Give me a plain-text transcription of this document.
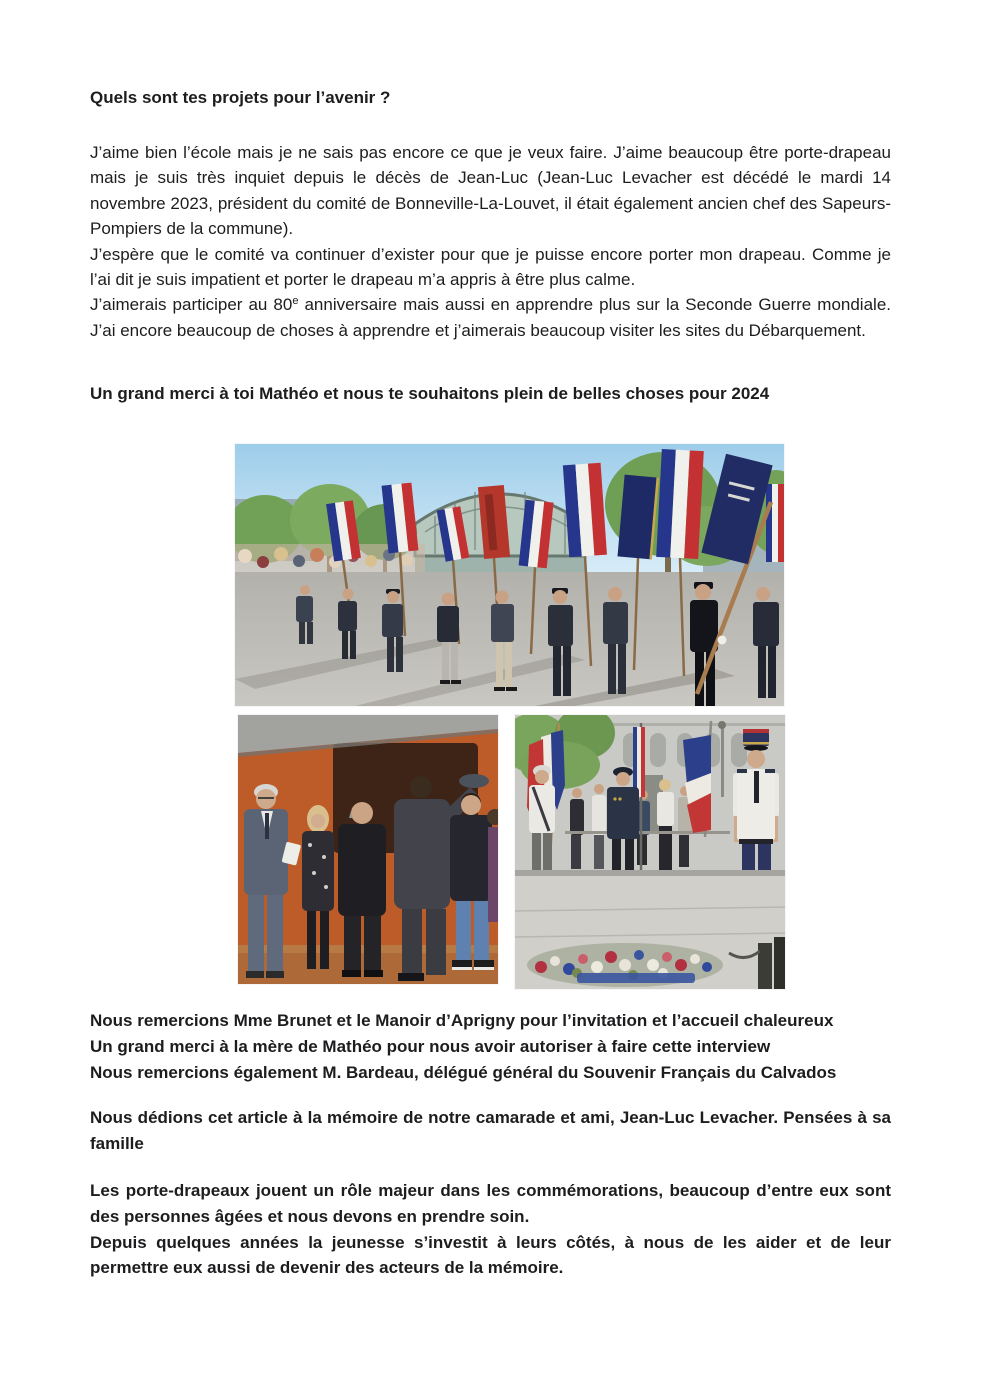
Quels sont tes projets pour l’avenir ?

J’aime bien l’école mais je ne sais pas encore ce que je veux faire. J’aime beaucoup être porte-drapeau mais je suis très inquiet depuis le décès de Jean-Luc (Jean-Luc Levacher est décédé le mardi 14 novembre 2023, président du comité de Bonneville-La-Louvet, il était également ancien chef des Sapeurs-Pompiers de la commune).

J’espère que le comité va continuer d’exister pour que je puisse encore porter mon drapeau. Comme je l’ai dit je suis impatient et porter le drapeau m’a appris à être plus calme.

J’aimerais participer au 80e anniversaire mais aussi en apprendre plus sur la Seconde Guerre mondiale. J’ai encore beaucoup de choses à apprendre et j’aimerais beaucoup visiter les sites du Débarquement.

Un grand merci à toi Mathéo et nous te souhaitons plein de belles choses pour 2024

Nous remercions Mme Brunet et le Manoir d’Aprigny pour l’invitation et l’accueil chaleureux

Un grand merci à la mère de Mathéo pour nous avoir autoriser à faire cette interview

Nous remercions également M. Bardeau, délégué général du Souvenir Français du Calvados

Nous dédions cet article à la mémoire de notre camarade et ami, Jean-Luc Levacher. Pensées à sa famille

Les porte-drapeaux jouent un rôle majeur dans les commémorations, beaucoup d’entre eux sont des personnes âgées et nous devons en prendre soin.

Depuis quelques années la jeunesse s’investit à leurs côtés, à nous de les aider et de leur permettre eux aussi de devenir des acteurs de la mémoire.
